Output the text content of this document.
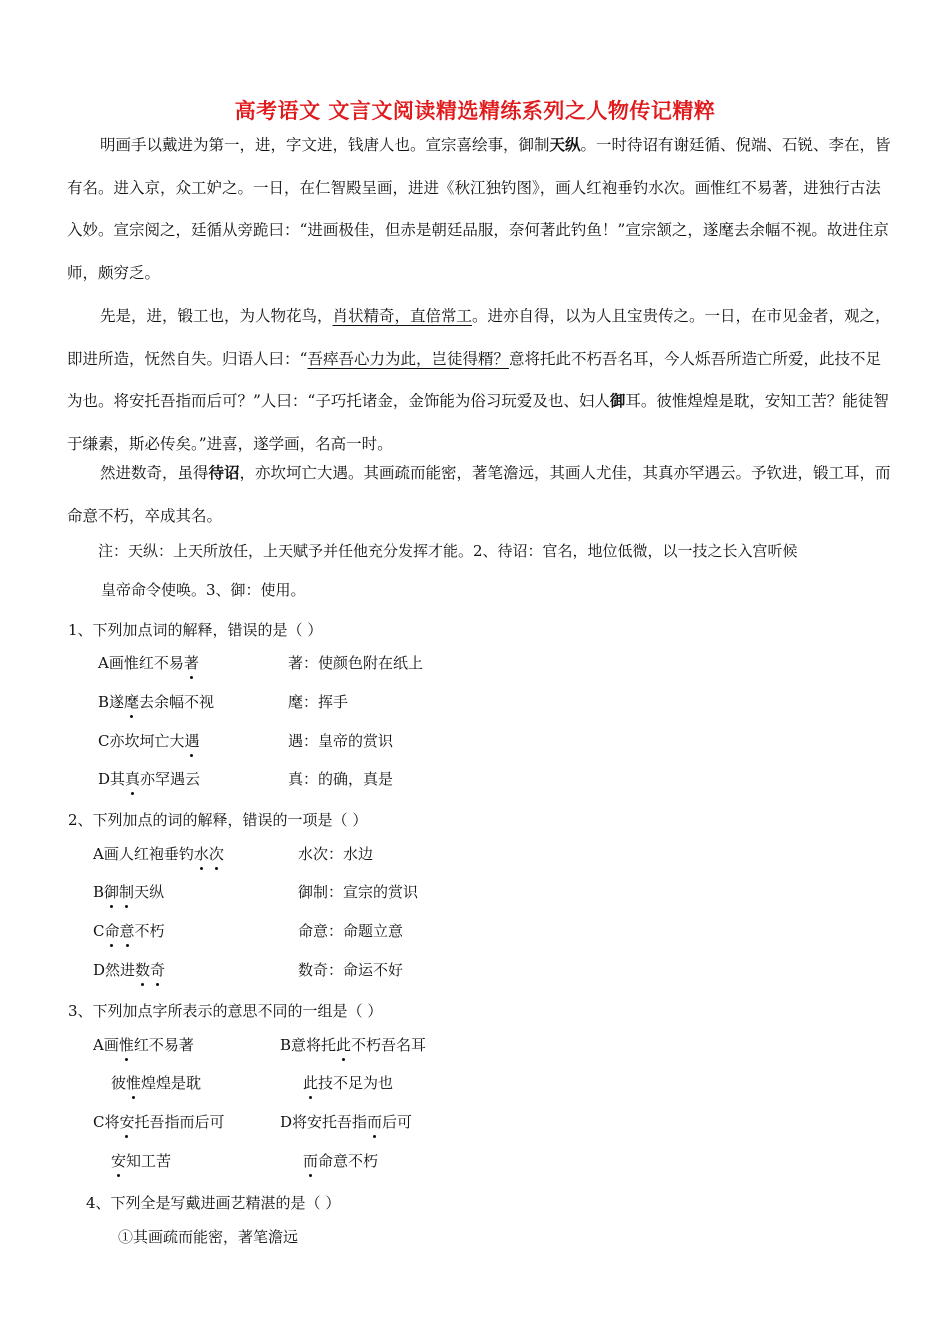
高考语文 文言文阅读精选精练系列之人物传记精粹

明画手以戴进为第一，进，字文进，钱唐人也。宣宗喜绘事，御制天纵。一时待诏有谢廷循、倪端、石锐、李在，皆有名。进入京，众工妒之。一日，在仁智殿呈画，进进《秋江独钓图》，画人红袍垂钓水次。画惟红不易著，进独行古法入妙。宣宗阅之，廷循从旁跪曰：“进画极佳，但赤是朝廷品服，奈何著此钓鱼！”宣宗颔之，遂麾去余幅不视。故进住京师，颇穷乏。

先是，进，锻工也，为人物花鸟，肖状精奇，直倍常工。进亦自得，以为人且宝贵传之。一日，在市见金者，观之，即进所造，怃然自失。归语人曰：“吾瘁吾心力为此，岂徒得糈？意将托此不朽吾名耳，今人烁吾所造亡所爱，此技不足为也。将安托吾指而后可？”人曰：“子巧托诸金，金饰能为俗习玩爱及也、妇人御耳。彼惟煌煌是耽，安知工苦？能徒智于缣素，斯必传矣。”进喜，遂学画，名高一时。

然进数奇，虽得待诏，亦坎坷亡大遇。其画疏而能密，著笔澹远，其画人尤佳，其真亦罕遇云。予钦进，锻工耳，而命意不朽，卒成其名。

注：天纵：上天所放任，上天赋予并任他充分发挥才能。2、待诏：官名，地位低微，以一技之长入宫听候
皇帝命令使唤。3、御：使用。
1、下列加点词的解释，错误的是（ ）
A画惟红不易著	著：使颜色附在纸上
B遂麾去余幅不视	麾：挥手
C亦坎坷亡大遇	遇：皇帝的赏识
D其真亦罕遇云	真：的确，真是
2、下列加点的词的解释，错误的一项是（ ）
A画人红袍垂钓水次	水次：水边
B御制天纵	御制：宣宗的赏识
C命意不朽	命意：命题立意
D然进数奇	数奇：命运不好
3、下列加点字所表示的意思不同的一组是（ ）
A画惟红不易著	B意将托此不朽吾名耳
彼惟煌煌是耽	此技不足为也
C将安托吾指而后可	D将安托吾指而后可
安知工苦	而命意不朽
4、下列全是写戴进画艺精湛的是（ ）
①其画疏而能密，著笔澹远
